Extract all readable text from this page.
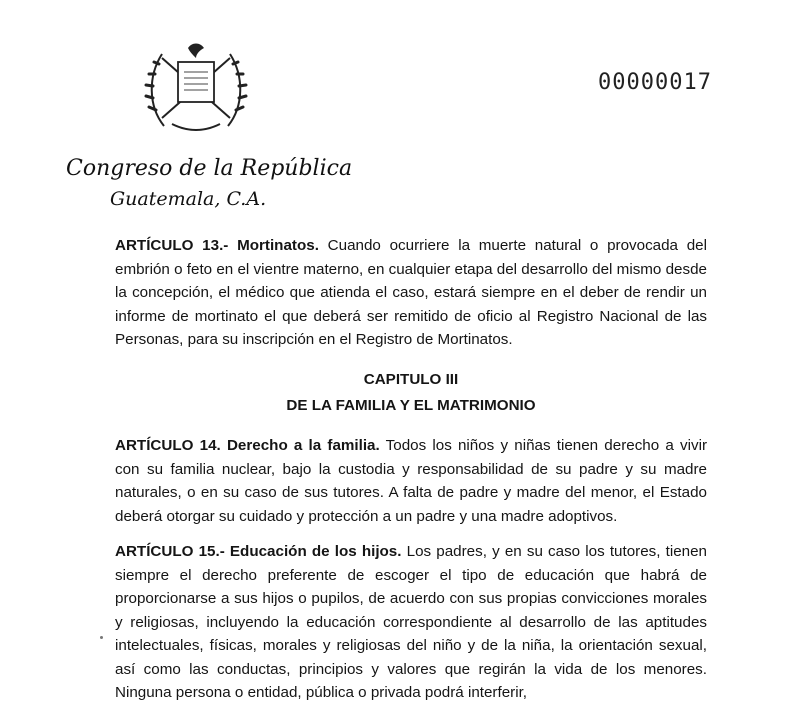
00000017
Congreso de la República
Guatemala, C.A.

ARTÍCULO 13.- Mortinatos. Cuando ocurriere la muerte natural o provocada del embrión o feto en el vientre materno, en cualquier etapa del desarrollo del mismo desde la concepción, el médico que atienda el caso, estará siempre en el deber de rendir un informe de mortinato el que deberá ser remitido de oficio al Registro Nacional de las Personas, para su inscripción en el Registro de Mortinatos.

CAPITULO III

DE LA FAMILIA Y EL MATRIMONIO

ARTÍCULO 14. Derecho a la familia. Todos los niños y niñas tienen derecho a vivir con su familia nuclear, bajo la custodia y responsabilidad de su padre y su madre naturales, o en su caso de sus tutores. A falta de padre y madre del menor, el Estado deberá otorgar su cuidado y protección a un padre y una madre adoptivos.

ARTÍCULO 15.- Educación de los hijos. Los padres, y en su caso los tutores, tienen siempre el derecho preferente de escoger el tipo de educación que habrá de proporcionarse a sus hijos o pupilos, de acuerdo con sus propias convicciones morales y religiosas, incluyendo la educación correspondiente al desarrollo de las aptitudes intelectuales, físicas, morales y religiosas del niño y de la niña, la orientación sexual, así como las conductas, principios y valores que regirán la vida de los menores. Ninguna persona o entidad, pública o privada podrá interferir,
